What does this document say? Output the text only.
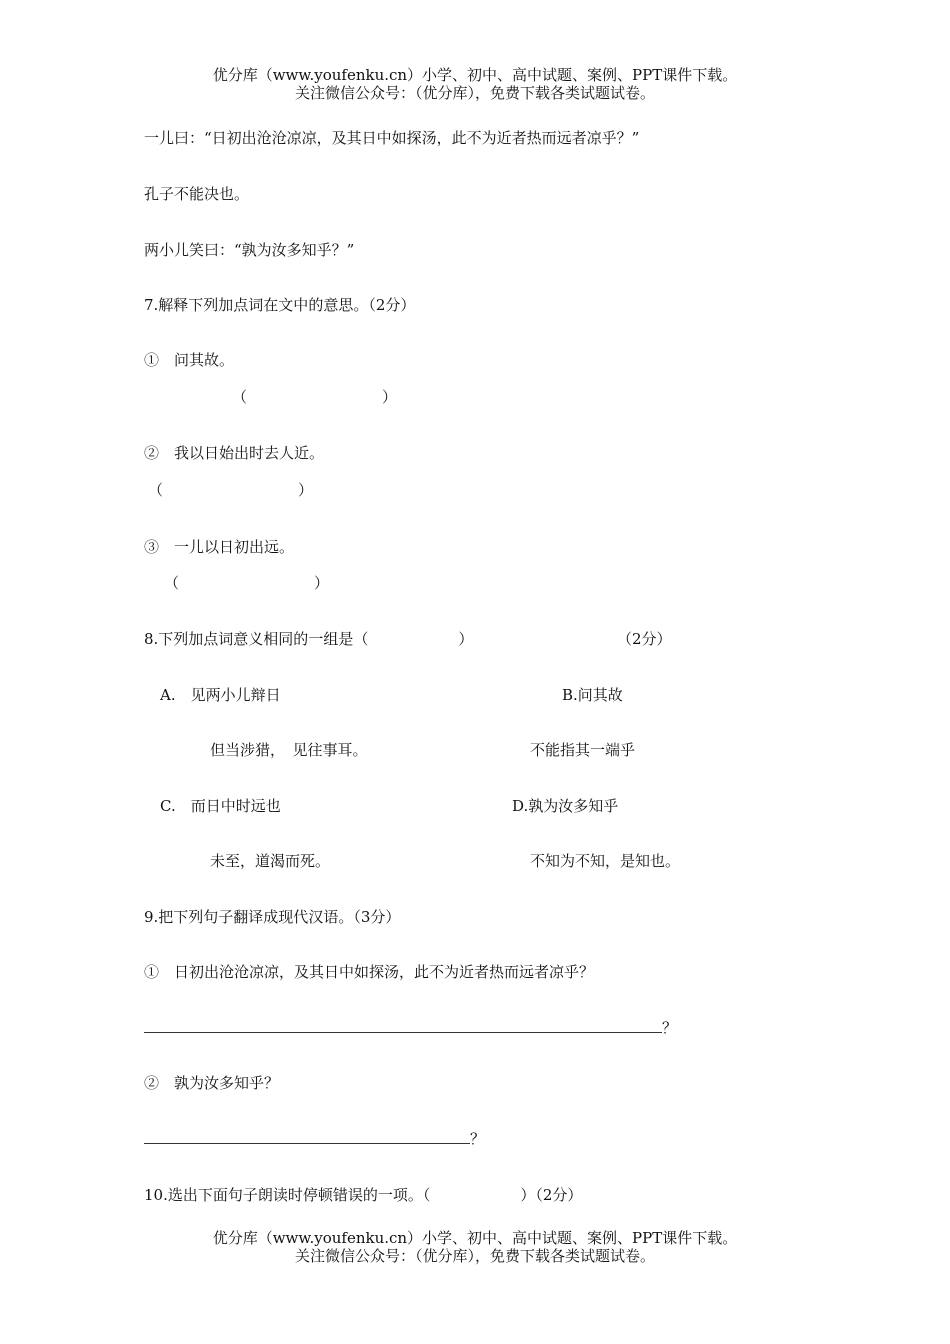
优分库（www.youfenku.cn）小学、初中、高中试题、案例、PPT课件下载。
关注微信公众号：（优分库），免费下载各类试题试卷。
一儿曰：“日初出沧沧凉凉，及其日中如探汤，此不为近者热而远者凉乎？”
孔子不能决也。
两小儿笑曰：“孰为汝多知乎？”
7.解释下列加点词在文中的意思。（2分）
①　问其故。
（　　　　　　　　　）
②　我以日始出时去人近。
（　　　　　　　　　）
③　一儿以日初出远。
（　　　　　　　　　）
8.下列加点词意义相同的一组是（　　　　　　）	（2分）
A.　见两小儿辩日	B.问其故
但当涉猎，　见往事耳。	不能指其一端乎
C.　而日中时远也	D.孰为汝多知乎
未至，道渴而死。	不知为不知，是知也。
9.把下列句子翻译成现代汉语。（3分）
①　日初出沧沧凉凉，及其日中如探汤，此不为近者热而远者凉乎？
？
②　孰为汝多知乎？
？
10.选出下面句子朗读时停顿错误的一项。（　　　　　　）（2分）
优分库（www.youfenku.cn）小学、初中、高中试题、案例、PPT课件下载。
关注微信公众号：（优分库），免费下载各类试题试卷。
